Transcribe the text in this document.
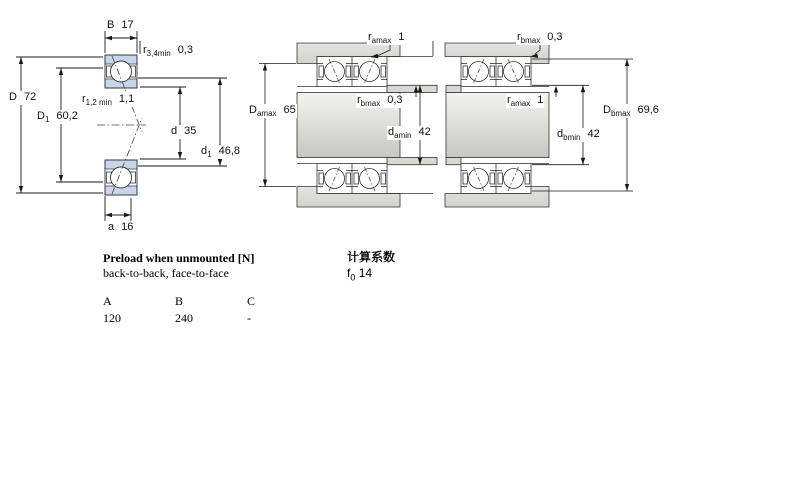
B 17
$r_{3,4min}$ 0,3
D 72
$D_1$ 60,2
$r_{1,2 min}$ 1,1
d 35
$d_1$ 46,8
a 16
$r_{amax}$ 1
$D_{amax}$ 65
$r_{bmax}$ 0,3
$d_{amin}$ 42
$r_{bmax}$ 0,3
$D_{bmax}$ 69,6
$r_{amax}$ 1
$d_{bmin}$ 42
Preload when unmounted [N]
back-to-back, face-to-face
A	B	C
120	240	-
计算系数
$f_0$ 14
